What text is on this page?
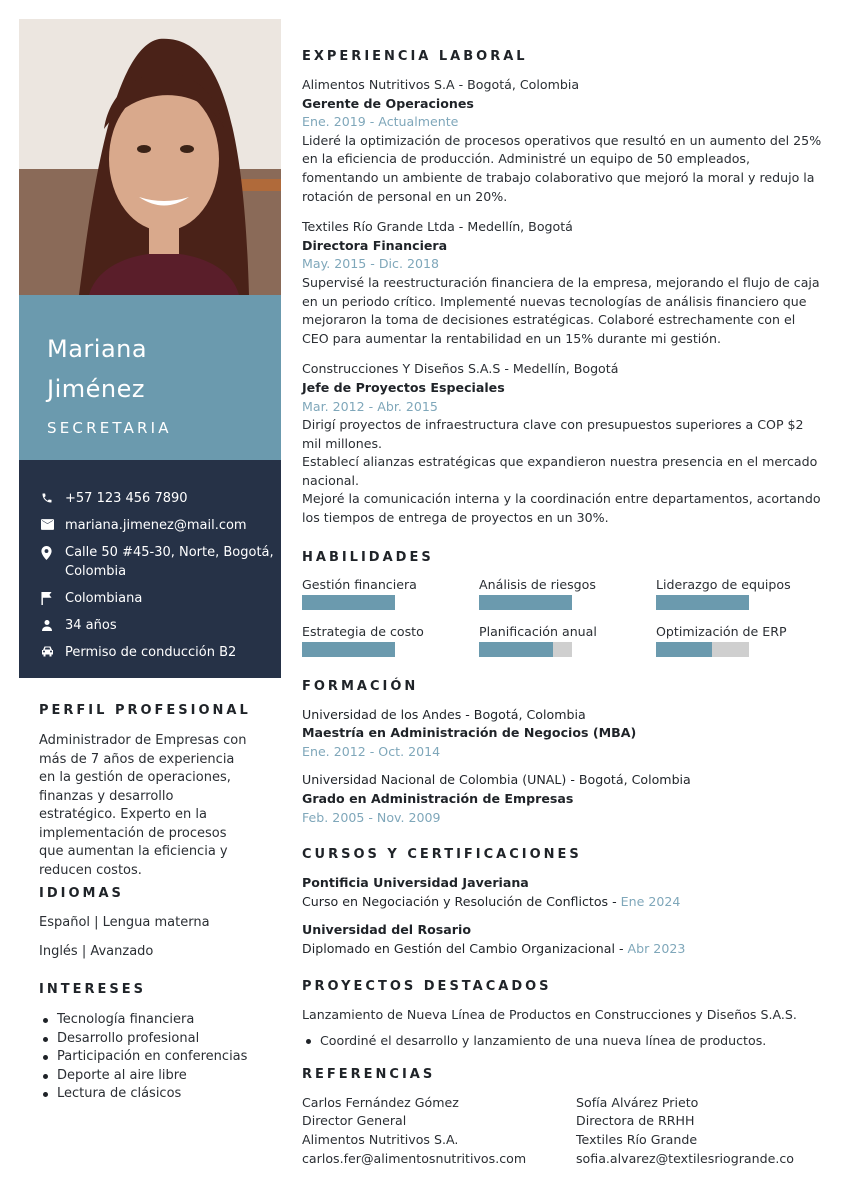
Mariana
Jiménez
SECRETARIA
+57 123 456 7890
mariana.jimenez@mail.com
Calle 50 #45-30, Norte, Bogotá, Colombia
Colombiana
34 años
Permiso de conducción B2
PERFIL PROFESIONAL
Administrador de Empresas con más de 7 años de experiencia en la gestión de operaciones, finanzas y desarrollo estratégico. Experto en la implementación de procesos que aumentan la eficiencia y reducen costos.
IDIOMAS
Español | Lengua materna
Inglés | Avanzado
INTERESES
Tecnología financiera
Desarrollo profesional
Participación en conferencias
Deporte al aire libre
Lectura de clásicos
EXPERIENCIA LABORAL
Alimentos Nutritivos S.A - Bogotá, Colombia
Gerente de Operaciones
Ene. 2019 - Actualmente
Lideré la optimización de procesos operativos que resultó en un aumento del 25% en la eficiencia de producción. Administré un equipo de 50 empleados, fomentando un ambiente de trabajo colaborativo que mejoró la moral y redujo la rotación de personal en un 20%.
Textiles Río Grande Ltda - Medellín, Bogotá
Directora Financiera
May. 2015 - Dic. 2018
Supervisé la reestructuración financiera de la empresa, mejorando el flujo de caja en un periodo crítico. Implementé nuevas tecnologías de análisis financiero que mejoraron la toma de decisiones estratégicas. Colaboré estrechamente con el CEO para aumentar la rentabilidad en un 15% durante mi gestión.
Construcciones Y Diseños S.A.S - Medellín, Bogotá
Jefe de Proyectos Especiales
Mar. 2012 - Abr. 2015
Dirigí proyectos de infraestructura clave con presupuestos superiores a COP $2 mil millones.
Establecí alianzas estratégicas que expandieron nuestra presencia en el mercado nacional.
Mejoré la comunicación interna y la coordinación entre departamentos, acortando los tiempos de entrega de proyectos en un 30%.
HABILIDADES
Gestión financiera	Análisis de riesgos	Liderazgo de equipos
Estrategia de costo	Planificación anual	Optimización de ERP
FORMACIÓN
Universidad de los Andes - Bogotá, Colombia
Maestría en Administración de Negocios (MBA)
Ene. 2012 - Oct. 2014
Universidad Nacional de Colombia (UNAL) - Bogotá, Colombia
Grado en Administración de Empresas
Feb. 2005 - Nov. 2009
CURSOS Y CERTIFICACIONES
Pontificia Universidad Javeriana
Curso en Negociación y Resolución de Conflictos - Ene 2024
Universidad del Rosario
Diplomado en Gestión del Cambio Organizacional - Abr 2023
PROYECTOS DESTACADOS
Lanzamiento de Nueva Línea de Productos en Construcciones y Diseños S.A.S.
Coordiné el desarrollo y lanzamiento de una nueva línea de productos.
REFERENCIAS
Carlos Fernández Gómez
Director General
Alimentos Nutritivos S.A.
carlos.fer@alimentosnutritivos.com
Sofía Alvárez Prieto
Directora de RRHH
Textiles Río Grande
sofia.alvarez@textilesriogrande.co
